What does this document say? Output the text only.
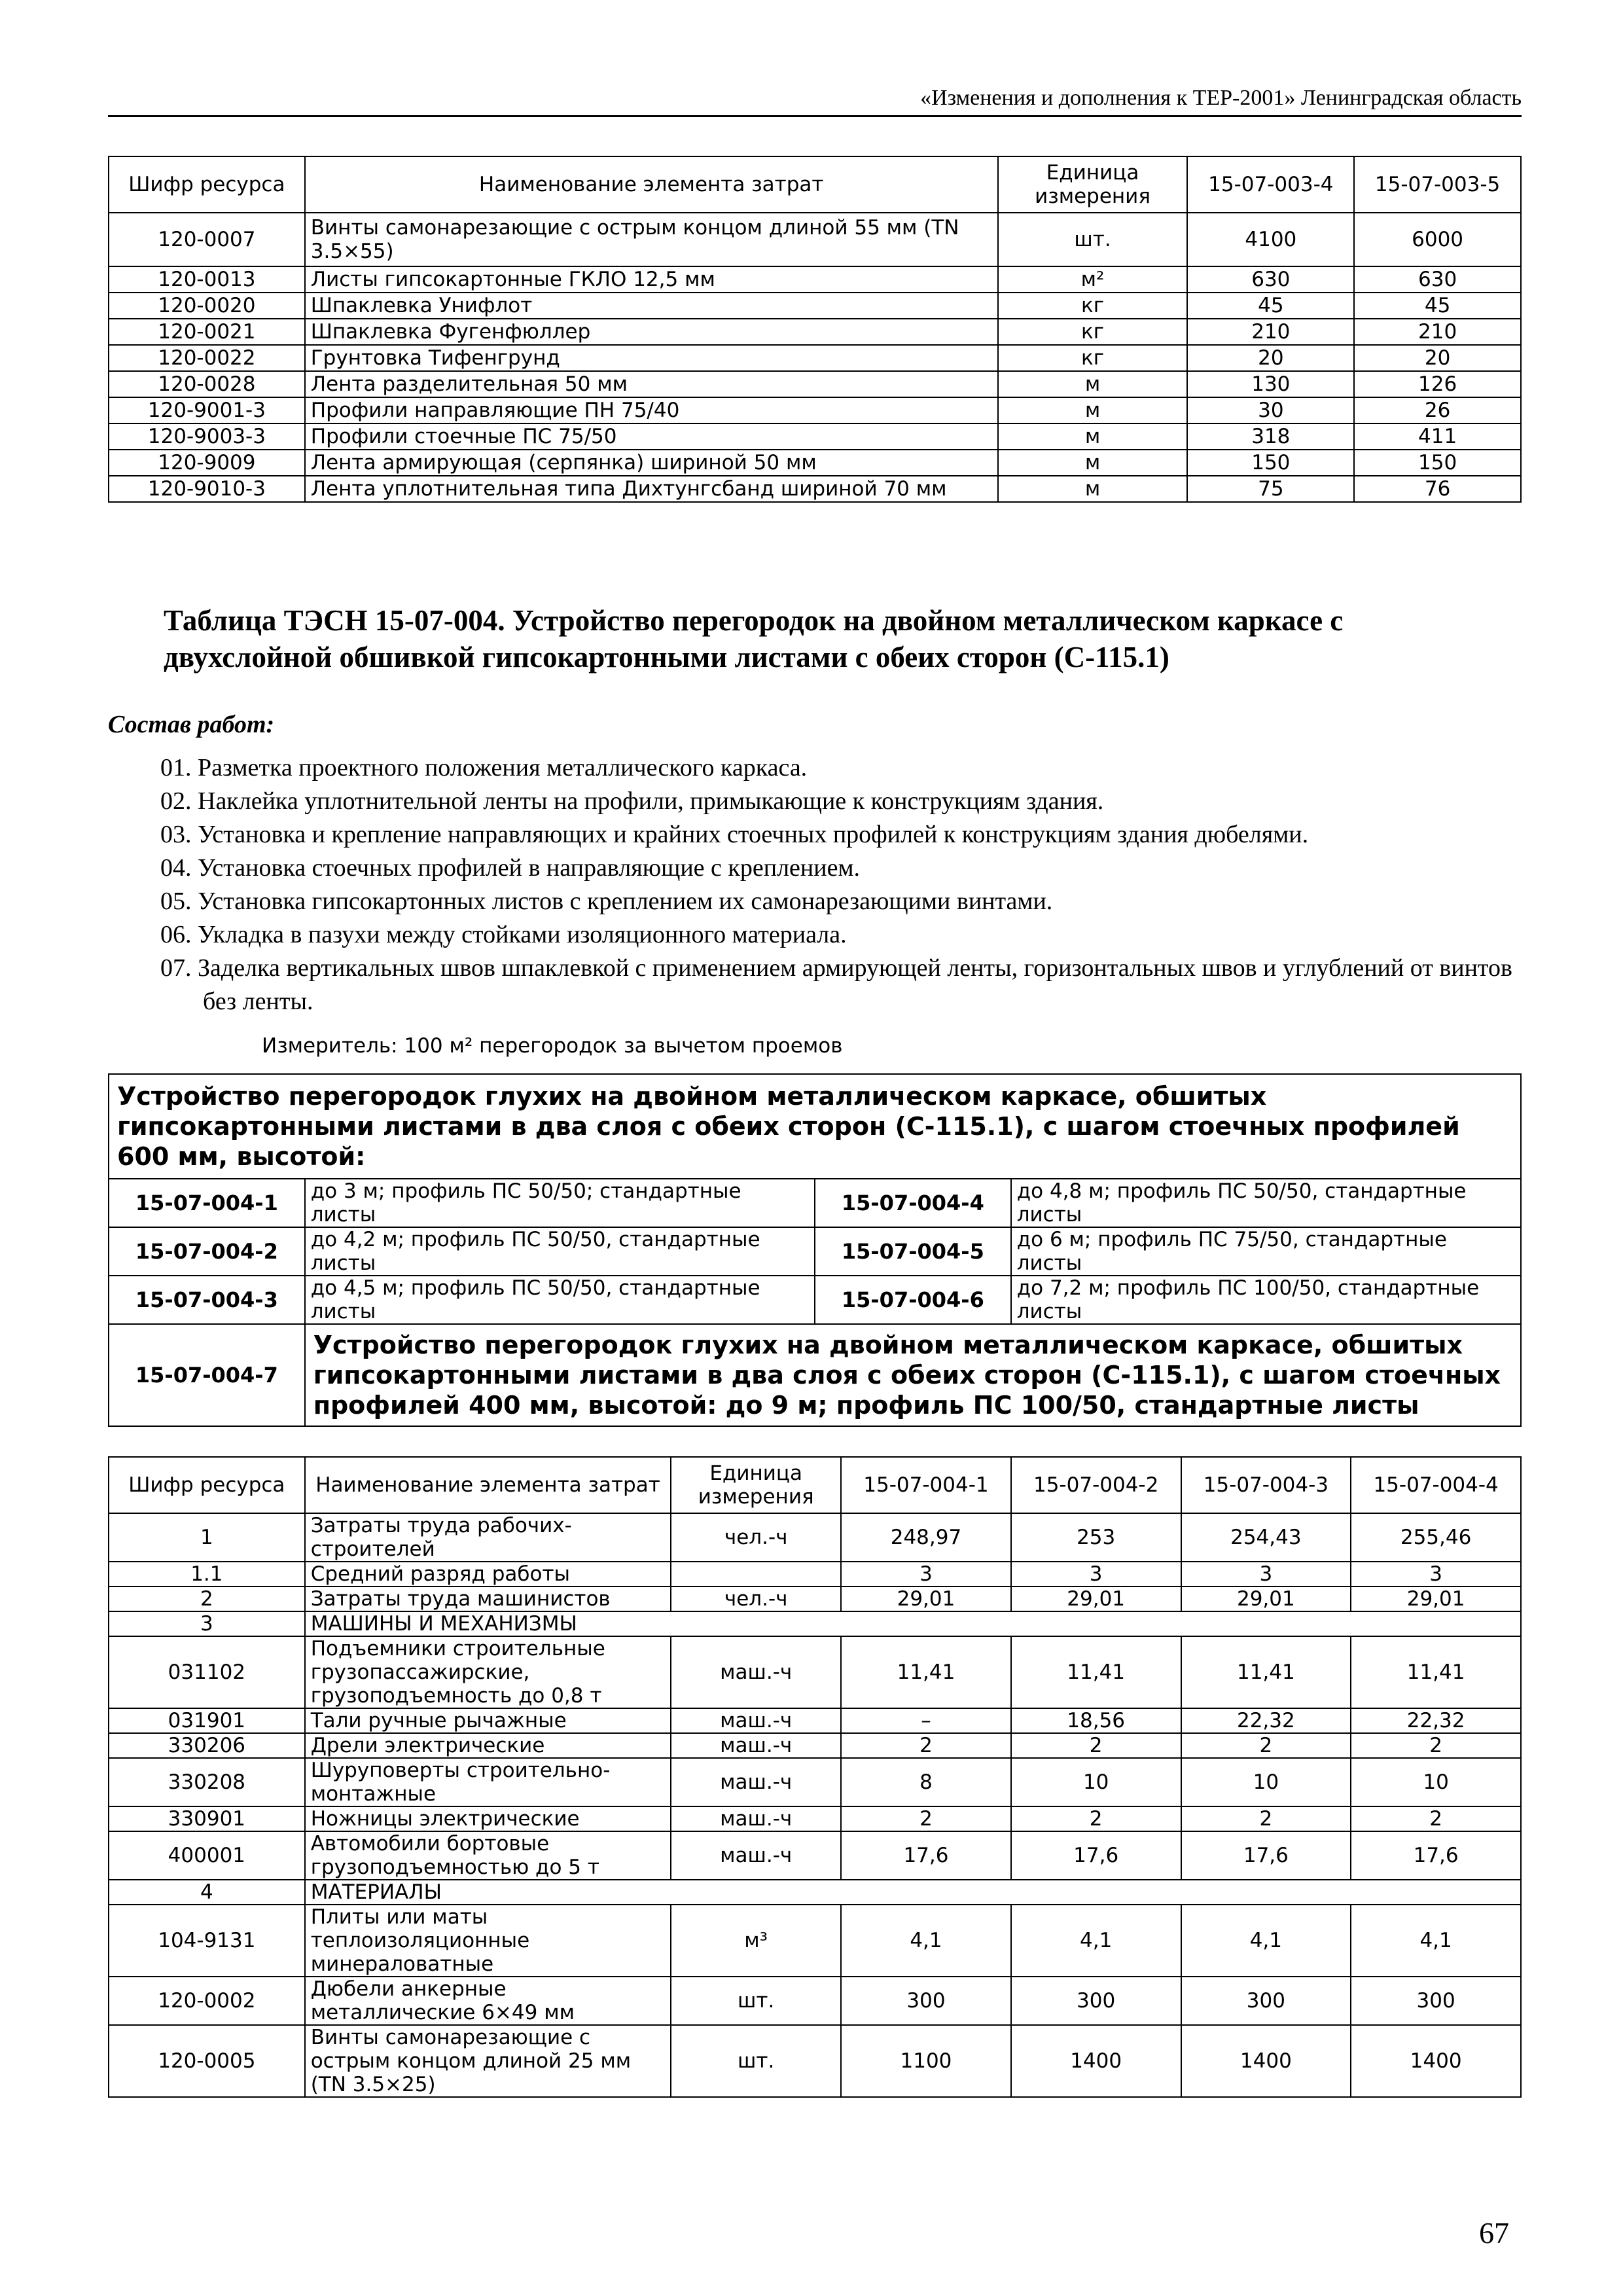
«Изменения и дополнения к ТЕР-2001» Ленинградская область
Шифр ресурса	Наименование элемента затрат	Единица измерения	15-07-003-4	15-07-003-5
120-0007	Винты самонарезающие с острым концом длиной 55 мм (TN 3.5×55)	шт.	4100	6000
120-0013	Листы гипсокартонные ГКЛО 12,5 мм	м²	630	630
120-0020	Шпаклевка Унифлот	кг	45	45
120-0021	Шпаклевка Фугенфюллер	кг	210	210
120-0022	Грунтовка Тифенгрунд	кг	20	20
120-0028	Лента разделительная 50 мм	м	130	126
120-9001-3	Профили направляющие ПН 75/40	м	30	26
120-9003-3	Профили стоечные ПС 75/50	м	318	411
120-9009	Лента армирующая (серпянка) шириной 50 мм	м	150	150
120-9010-3	Лента уплотнительная типа Дихтунгсбанд шириной 70 мм	м	75	76
Таблица ТЭСН 15-07-004. Устройство перегородок на двойном металлическом каркасе с двухслойной обшивкой гипсокартонными листами с обеих сторон (С-115.1)
Состав работ:
01. Разметка проектного положения металлического каркаса.
02. Наклейка уплотнительной ленты на профили, примыкающие к конструкциям здания.
03. Установка и крепление направляющих и крайних стоечных профилей к конструкциям здания дюбелями.
04. Установка стоечных профилей в направляющие с креплением.
05. Установка гипсокартонных листов с креплением их самонарезающими винтами.
06. Укладка в пазухи между стойками изоляционного материала.
07. Заделка вертикальных швов шпаклевкой с применением армирующей ленты, горизонтальных швов и углублений от винтов без ленты.
Измеритель: 100 м² перегородок за вычетом проемов
Устройство перегородок глухих на двойном металлическом каркасе, обшитых гипсокартонными листами в два слоя с обеих сторон (С-115.1), с шагом стоечных профилей 600 мм, высотой:			
15-07-004-1	до 3 м; профиль ПС 50/50; стандартные листы	15-07-004-4	до 4,8 м; профиль ПС 50/50, стандартные листы
15-07-004-2	до 4,2 м; профиль ПС 50/50, стандартные листы	15-07-004-5	до 6 м; профиль ПС 75/50, стандартные листы
15-07-004-3	до 4,5 м; профиль ПС 50/50, стандартные листы	15-07-004-6	до 7,2 м; профиль ПС 100/50, стандартные листы
15-07-004-7	Устройство перегородок глухих на двойном металлическом каркасе, обшитых гипсокартонными листами в два слоя с обеих сторон (С-115.1), с шагом стоечных профилей 400 мм, высотой: до 9 м; профиль ПС 100/50, стандартные листы		
Шифр ресурса	Наименование элемента затрат	Единица измерения	15-07-004-1	15-07-004-2	15-07-004-3	15-07-004-4
1	Затраты труда рабочих-строителей	чел.-ч	248,97	253	254,43	255,46
1.1	Средний разряд работы		3	3	3	3
2	Затраты труда машинистов	чел.-ч	29,01	29,01	29,01	29,01
3	МАШИНЫ И МЕХАНИЗМЫ					
031102	Подъемники строительные грузопассажирские, грузоподъемность до 0,8 т	маш.-ч	11,41	11,41	11,41	11,41
031901	Тали ручные рычажные	маш.-ч	–	18,56	22,32	22,32
330206	Дрели электрические	маш.-ч	2	2	2	2
330208	Шуруповерты строительно-монтажные	маш.-ч	8	10	10	10
330901	Ножницы электрические	маш.-ч	2	2	2	2
400001	Автомобили бортовые грузоподъемностью до 5 т	маш.-ч	17,6	17,6	17,6	17,6
4	МАТЕРИАЛЫ					
104-9131	Плиты или маты теплоизоляционные минераловатные	м³	4,1	4,1	4,1	4,1
120-0002	Дюбели анкерные металлические 6×49 мм	шт.	300	300	300	300
120-0005	Винты самонарезающие с острым концом длиной 25 мм (TN 3.5×25)	шт.	1100	1400	1400	1400
67
